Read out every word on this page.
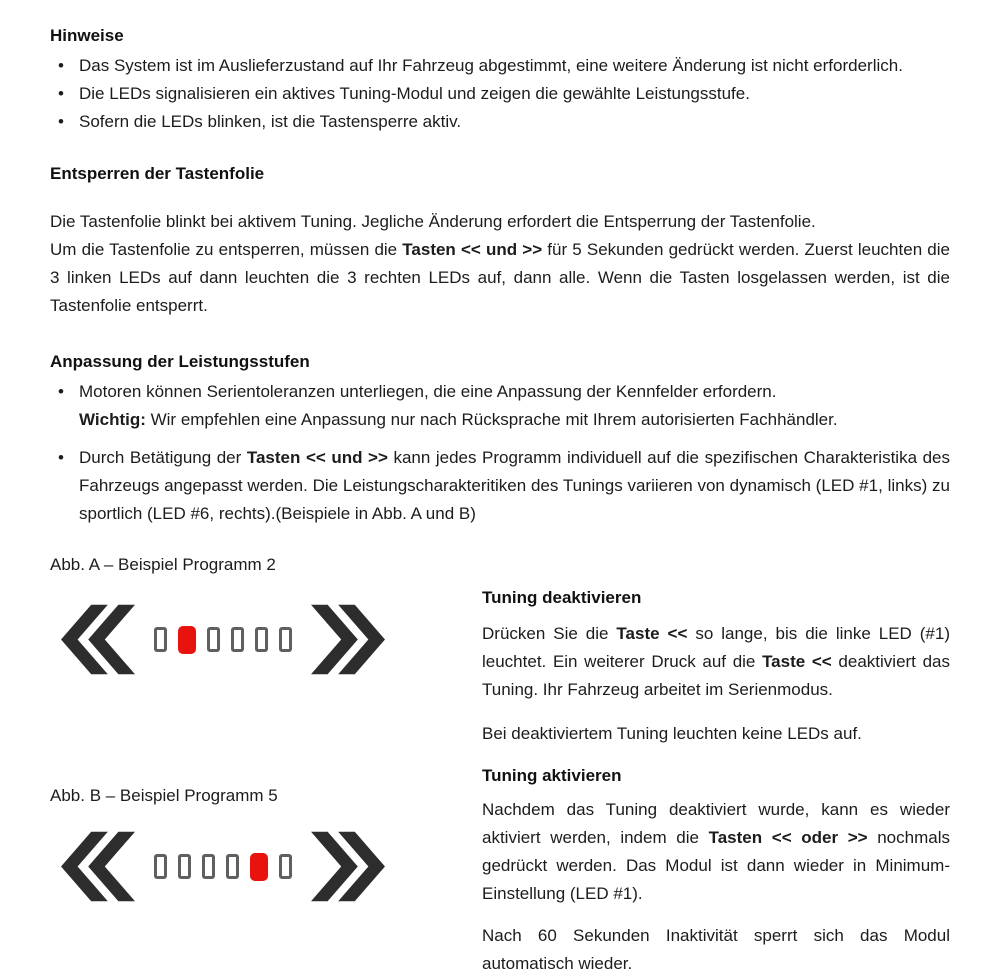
Hinweise
• Das System ist im Auslieferzustand auf Ihr Fahrzeug abgestimmt, eine weitere Änderung ist nicht erforderlich.
• Die LEDs signalisieren ein aktives Tuning-Modul und zeigen die gewählte Leistungsstufe.
• Sofern die LEDs blinken, ist die Tastensperre aktiv.
Entsperren der Tastenfolie

Die Tastenfolie blinkt bei aktivem Tuning. Jegliche Änderung erfordert die Entsperrung der Tastenfolie.

Um die Tastenfolie zu entsperren, müssen die Tasten << und >> für 5 Sekunden gedrückt werden. Zuerst leuchten die 3 linken LEDs auf dann leuchten die 3 rechten LEDs auf, dann alle. Wenn die Tasten losgelassen werden, ist die Tastenfolie entsperrt.

Anpassung der Leistungsstufen
• Motoren können Serientoleranzen unterliegen, die eine Anpassung der Kennfelder erfordern.
Wichtig: Wir empfehlen eine Anpassung nur nach Rücksprache mit Ihrem autorisierten Fachhändler.
• Durch Betätigung der Tasten << und >> kann jedes Programm individuell auf die spezifischen Charakteristika des Fahrzeugs angepasst werden. Die Leistungscharakteritiken des Tunings variieren von dynamisch (LED #1, links) zu sportlich (LED #6, rechts).(Beispiele in Abb. A und B)

Abb. A – Beispiel Programm 2

Abb. B – Beispiel Programm 5

Tuning deaktivieren

Drücken Sie die Taste << so lange, bis die linke LED (#1) leuchtet. Ein weiterer Druck auf die Taste << deaktiviert das Tuning. Ihr Fahrzeug arbeitet im Serienmodus.

Bei deaktiviertem Tuning leuchten keine LEDs auf.

Tuning aktivieren

Nachdem das Tuning deaktiviert wurde, kann es wieder aktiviert werden, indem die Tasten << oder >> nochmals gedrückt werden. Das Modul ist dann wieder in Minimum-Einstellung (LED #1).

Nach 60 Sekunden Inaktivität sperrt sich das Modul automatisch wieder.
